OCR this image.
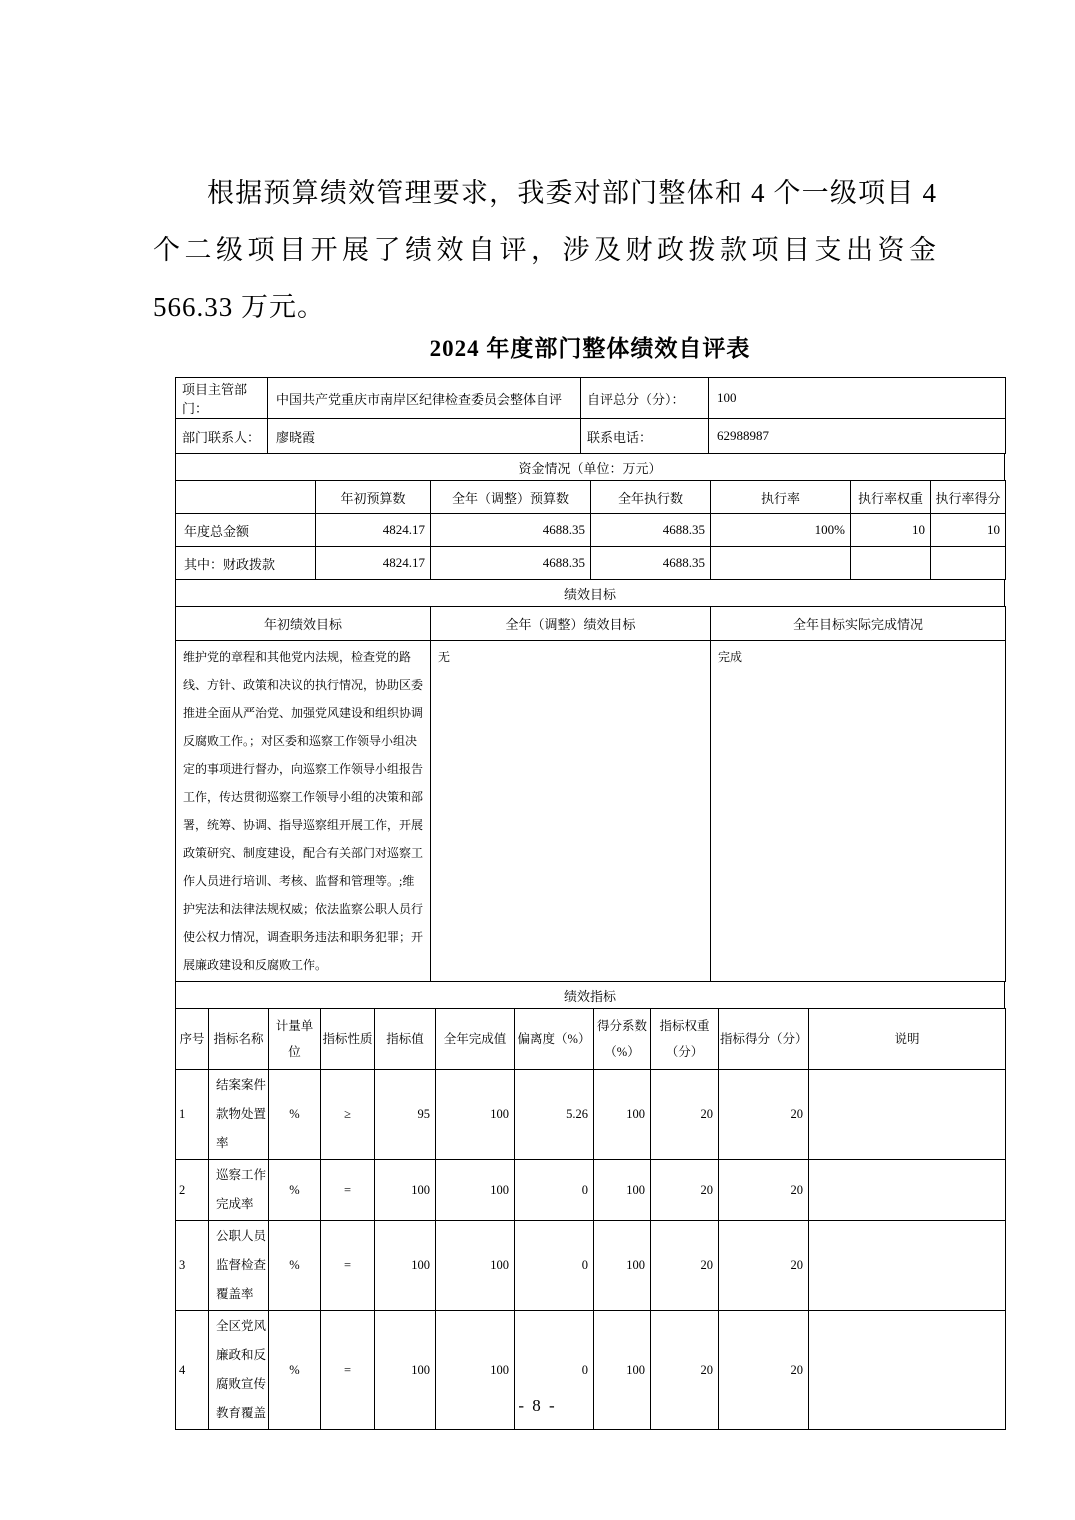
根据预算绩效管理要求，我委对部门整体和 4 个一级项目 4 个二级项目开展了绩效自评，涉及财政拨款项目支出资金 566.33 万元。

2024 年度部门整体绩效自评表
项目主管部门：	中国共产党重庆市南岸区纪律检查委员会整体自评	自评总分（分）：	100
部门联系人：	廖晓霞	联系电话：	62988987
资金情况（单位：万元）
	年初预算数	全年（调整）预算数	全年执行数	执行率	执行率权重	执行率得分
年度总金额	4824.17	4688.35	4688.35	100%	10	10
其中：财政拨款	4824.17	4688.35	4688.35			
绩效目标
年初绩效目标	全年（调整）绩效目标	全年目标实际完成情况
维护党的章程和其他党内法规，检查党的路线、方针、政策和决议的执行情况，协助区委推进全面从严治党、加强党风建设和组织协调反腐败工作。；对区委和巡察工作领导小组决定的事项进行督办，向巡察工作领导小组报告工作，传达贯彻巡察工作领导小组的决策和部署，统筹、协调、指导巡察组开展工作，开展政策研究、制度建设，配合有关部门对巡察工作人员进行培训、考核、监督和管理等。;维护宪法和法律法规权威；依法监察公职人员行使公权力情况，调查职务违法和职务犯罪；开展廉政建设和反腐败工作。	无	完成
绩效指标
序号	指标名称	计量单位	指标性质	指标值	全年完成值	偏离度（%）	得分系数（%）	指标权重（分）	指标得分（分）	说明
1	结案案件款物处置率	%	≥	95	100	5.26	100	20	20	
2	巡察工作完成率	%	=	100	100	0	100	20	20	
3	公职人员监督检查覆盖率	%	=	100	100	0	100	20	20	
4	全区党风廉政和反腐败宣传教育覆盖	%	=	100	100	0	100	20	20	
- 8 -
